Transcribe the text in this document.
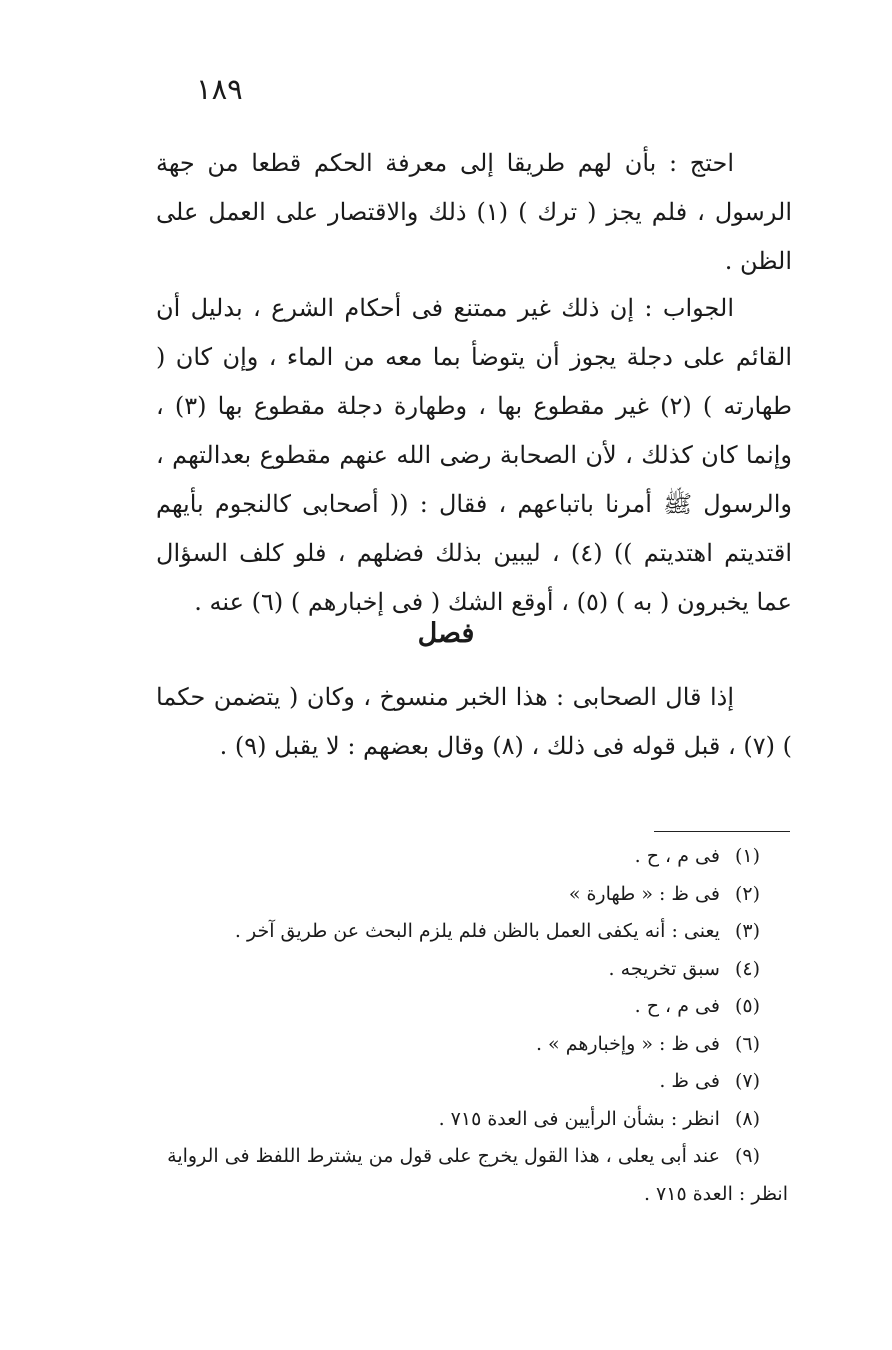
١٨٩

احتج : بأن لهم طريقا إلى معرفة الحكم قطعا من جهة الرسول ، فلم يجز ( ترك ) (١) ذلك والاقتصار على العمل على الظن .

الجواب : إن ذلك غير ممتنع فى أحكام الشرع ، بدليل أن القائم على دجلة يجوز أن يتوضأ بما معه من الماء ، وإن كان ( طهارته ) (٢) غير مقطوع بها ، وطهارة دجلة مقطوع بها (٣) ، وإنما كان كذلك ، لأن الصحابة رضى الله عنهم مقطوع بعدالتهم ، والرسول ﷺ أمرنا باتباعهم ، فقال : (( أصحابى كالنجوم بأيهم اقتديتم اهتديتم )) (٤) ، ليبين بذلك فضلهم ، فلو كلف السؤال عما يخبرون ( به ) (٥) ، أوقع الشك ( فى إخبارهم ) (٦) عنه .

فصل

إذا قال الصحابى : هذا الخبر منسوخ ، وكان ( يتضمن حكما ) (٧) ، قبل قوله فى ذلك ، (٨) وقال بعضهم : لا يقبل (٩) .

(١) فى م ، ح .
(٢) فى ظ : « طهارة »
(٣) يعنى : أنه يكفى العمل بالظن فلم يلزم البحث عن طريق آخر .
(٤) سبق تخريجه .
(٥) فى م ، ح .
(٦) فى ظ : « وإخبارهم » .
(٧) فى ظ .
(٨) انظر : بشأن الرأيين فى العدة ٧١٥ .
(٩) عند أبى يعلى ، هذا القول يخرج على قول من يشترط اللفظ فى الرواية
انظر : العدة ٧١٥ .
